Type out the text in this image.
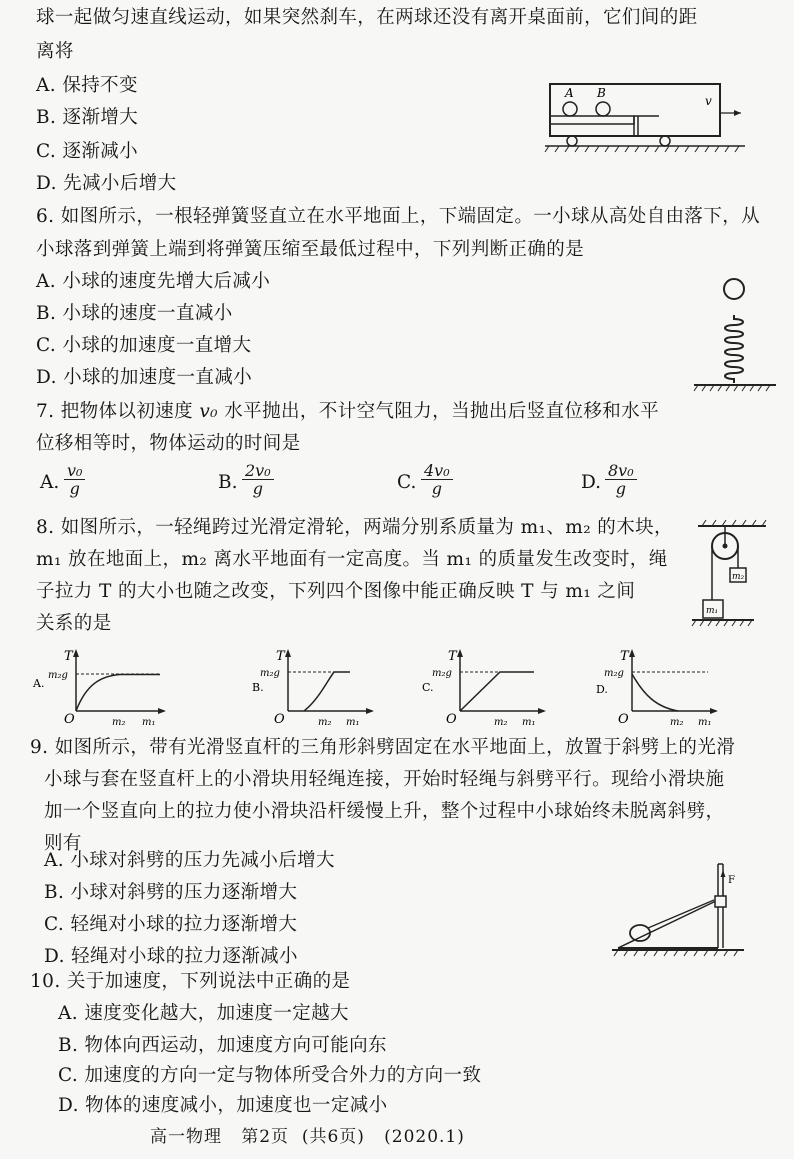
球一起做匀速直线运动，如果突然刹车，在两球还没有离开桌面前，它们间的距
离将
A. 保持不变
B. 逐渐增大
C. 逐渐减小
D. 先减小后增大
A B
v
6. 如图所示，一根轻弹簧竖直立在水平地面上，下端固定。一小球从高处自由落下，从
小球落到弹簧上端到将弹簧压缩至最低过程中，下列判断正确的是
A. 小球的速度先增大后减小
B. 小球的速度一直减小
C. 小球的加速度一直增大
D. 小球的加速度一直减小
7. 把物体以初速度 v₀ 水平抛出，不计空气阻力，当抛出后竖直位移和水平
位移相等时，物体运动的时间是
A. $\frac{\text{v₀}}{g}$	B. $\frac{\text{2v₀}}{g}$	C. $\frac{\text{4v₀}}{g}$	D. $\frac{\text{8v₀}}{g}$
8. 如图所示，一轻绳跨过光滑定滑轮，两端分别系质量为 m₁、m₂ 的木块，
m₁ 放在地面上，m₂ 离水平地面有一定高度。当 m₁ 的质量发生改变时，绳
子拉力 T 的大小也随之改变，下列四个图像中能正确反映 T 与 m₁ 之间
关系的是
m₂
m₁
A.
T
O
m₂g
m₂ m₁
B.
T
O
m₂g
m₂ m₁
C.
T
O
m₂g
m₂ m₁
D.
T
O
m₂g
m₂ m₁
9. 如图所示，带有光滑竖直杆的三角形斜劈固定在水平地面上，放置于斜劈上的光滑
小球与套在竖直杆上的小滑块用轻绳连接，开始时轻绳与斜劈平行。现给小滑块施
加一个竖直向上的拉力使小滑块沿杆缓慢上升，整个过程中小球始终未脱离斜劈，
则有
A. 小球对斜劈的压力先减小后增大
B. 小球对斜劈的压力逐渐增大
C. 轻绳对小球的拉力逐渐增大
D. 轻绳对小球的拉力逐渐减小
F
10. 关于加速度，下列说法中正确的是
A. 速度变化越大，加速度一定越大
B. 物体向西运动，加速度方向可能向东
C. 加速度的方向一定与物体所受合外力的方向一致
D. 物体的速度减小，加速度也一定减小
高一物理   第2页  (共6页)   (2020.1)
